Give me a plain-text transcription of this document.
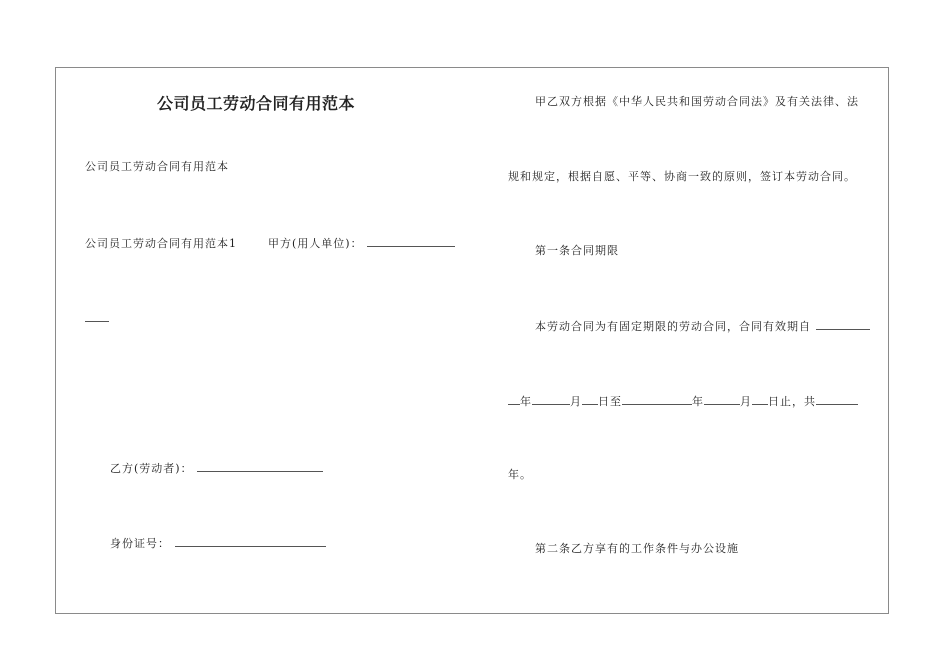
公司员工劳动合同有用范本
公司员工劳动合同有用范本
公司员工劳动合同有用范本1	甲方(用人单位)：
乙方(劳动者)：
身份证号：
甲乙双方根据《中华人民共和国劳动合同法》及有关法律、法
规和规定，根据自愿、平等、协商一致的原则，签订本劳动合同。
第一条合同期限
本劳动合同为有固定期限的劳动合同，合同有效期自
年	月 日至	年	月 日止，共
年。
第二条乙方享有的工作条件与办公设施
